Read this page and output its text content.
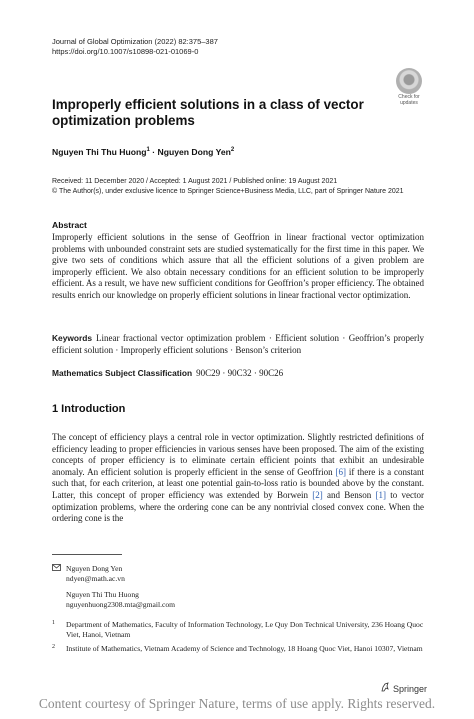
Journal of Global Optimization (2022) 82:375–387
https://doi.org/10.1007/s10898-021-01069-0
Check for
updates
Improperly efficient solutions in a class of vector
optimization problems
Nguyen Thi Thu Huong$^1$ · Nguyen Dong Yen$^2$
Received: 11 December 2020 / Accepted: 1 August 2021 / Published online: 19 August 2021
© The Author(s), under exclusive licence to Springer Science+Business Media, LLC, part of Springer Nature 2021
Abstract
Improperly efficient solutions in the sense of Geoffrion in linear fractional vector optimization problems with unbounded constraint sets are studied systematically for the first time in this paper. We give two sets of conditions which assure that all the efficient solutions of a given problem are improperly efficient. We also obtain necessary conditions for an efficient solution to be improperly efficient. As a result, we have new sufficient conditions for Geoffrion’s proper efficiency. The obtained results enrich our knowledge on properly efficient solutions in linear fractional vector optimization.
Keywords Linear fractional vector optimization problem · Efficient solution · Geoffrion’s properly efficient solution · Improperly efficient solutions · Benson’s criterion
Mathematics Subject Classification 90C29 · 90C32 · 90C26
1 Introduction
The concept of efficiency plays a central role in vector optimization. Slightly restricted definitions of efficiency leading to proper efficiencies in various senses have been proposed. The aim of the existing concepts of proper efficiency is to eliminate certain efficient points that exhibit an undesirable anomaly. An efficient solution is properly efficient in the sense of Geoffrion [6] if there is a constant such that, for each criterion, at least one potential gain-to-loss ratio is bounded above by the constant. Latter, this concept of proper efficiency was extended by Borwein [2] and Benson [1] to vector optimization problems, where the ordering cone can be any nontrivial closed convex cone. When the ordering cone is the
Nguyen Dong Yen
ndyen@math.ac.vn
Nguyen Thi Thu Huong
nguyenhuong2308.mta@gmail.com
1 Department of Mathematics, Faculty of Information Technology, Le Quy Don Technical University, 236 Hoang Quoc Viet, Hanoi, Vietnam
2 Institute of Mathematics, Vietnam Academy of Science and Technology, 18 Hoang Quoc Viet, Hanoi 10307, Vietnam
Springer
Content courtesy of Springer Nature, terms of use apply. Rights reserved.
